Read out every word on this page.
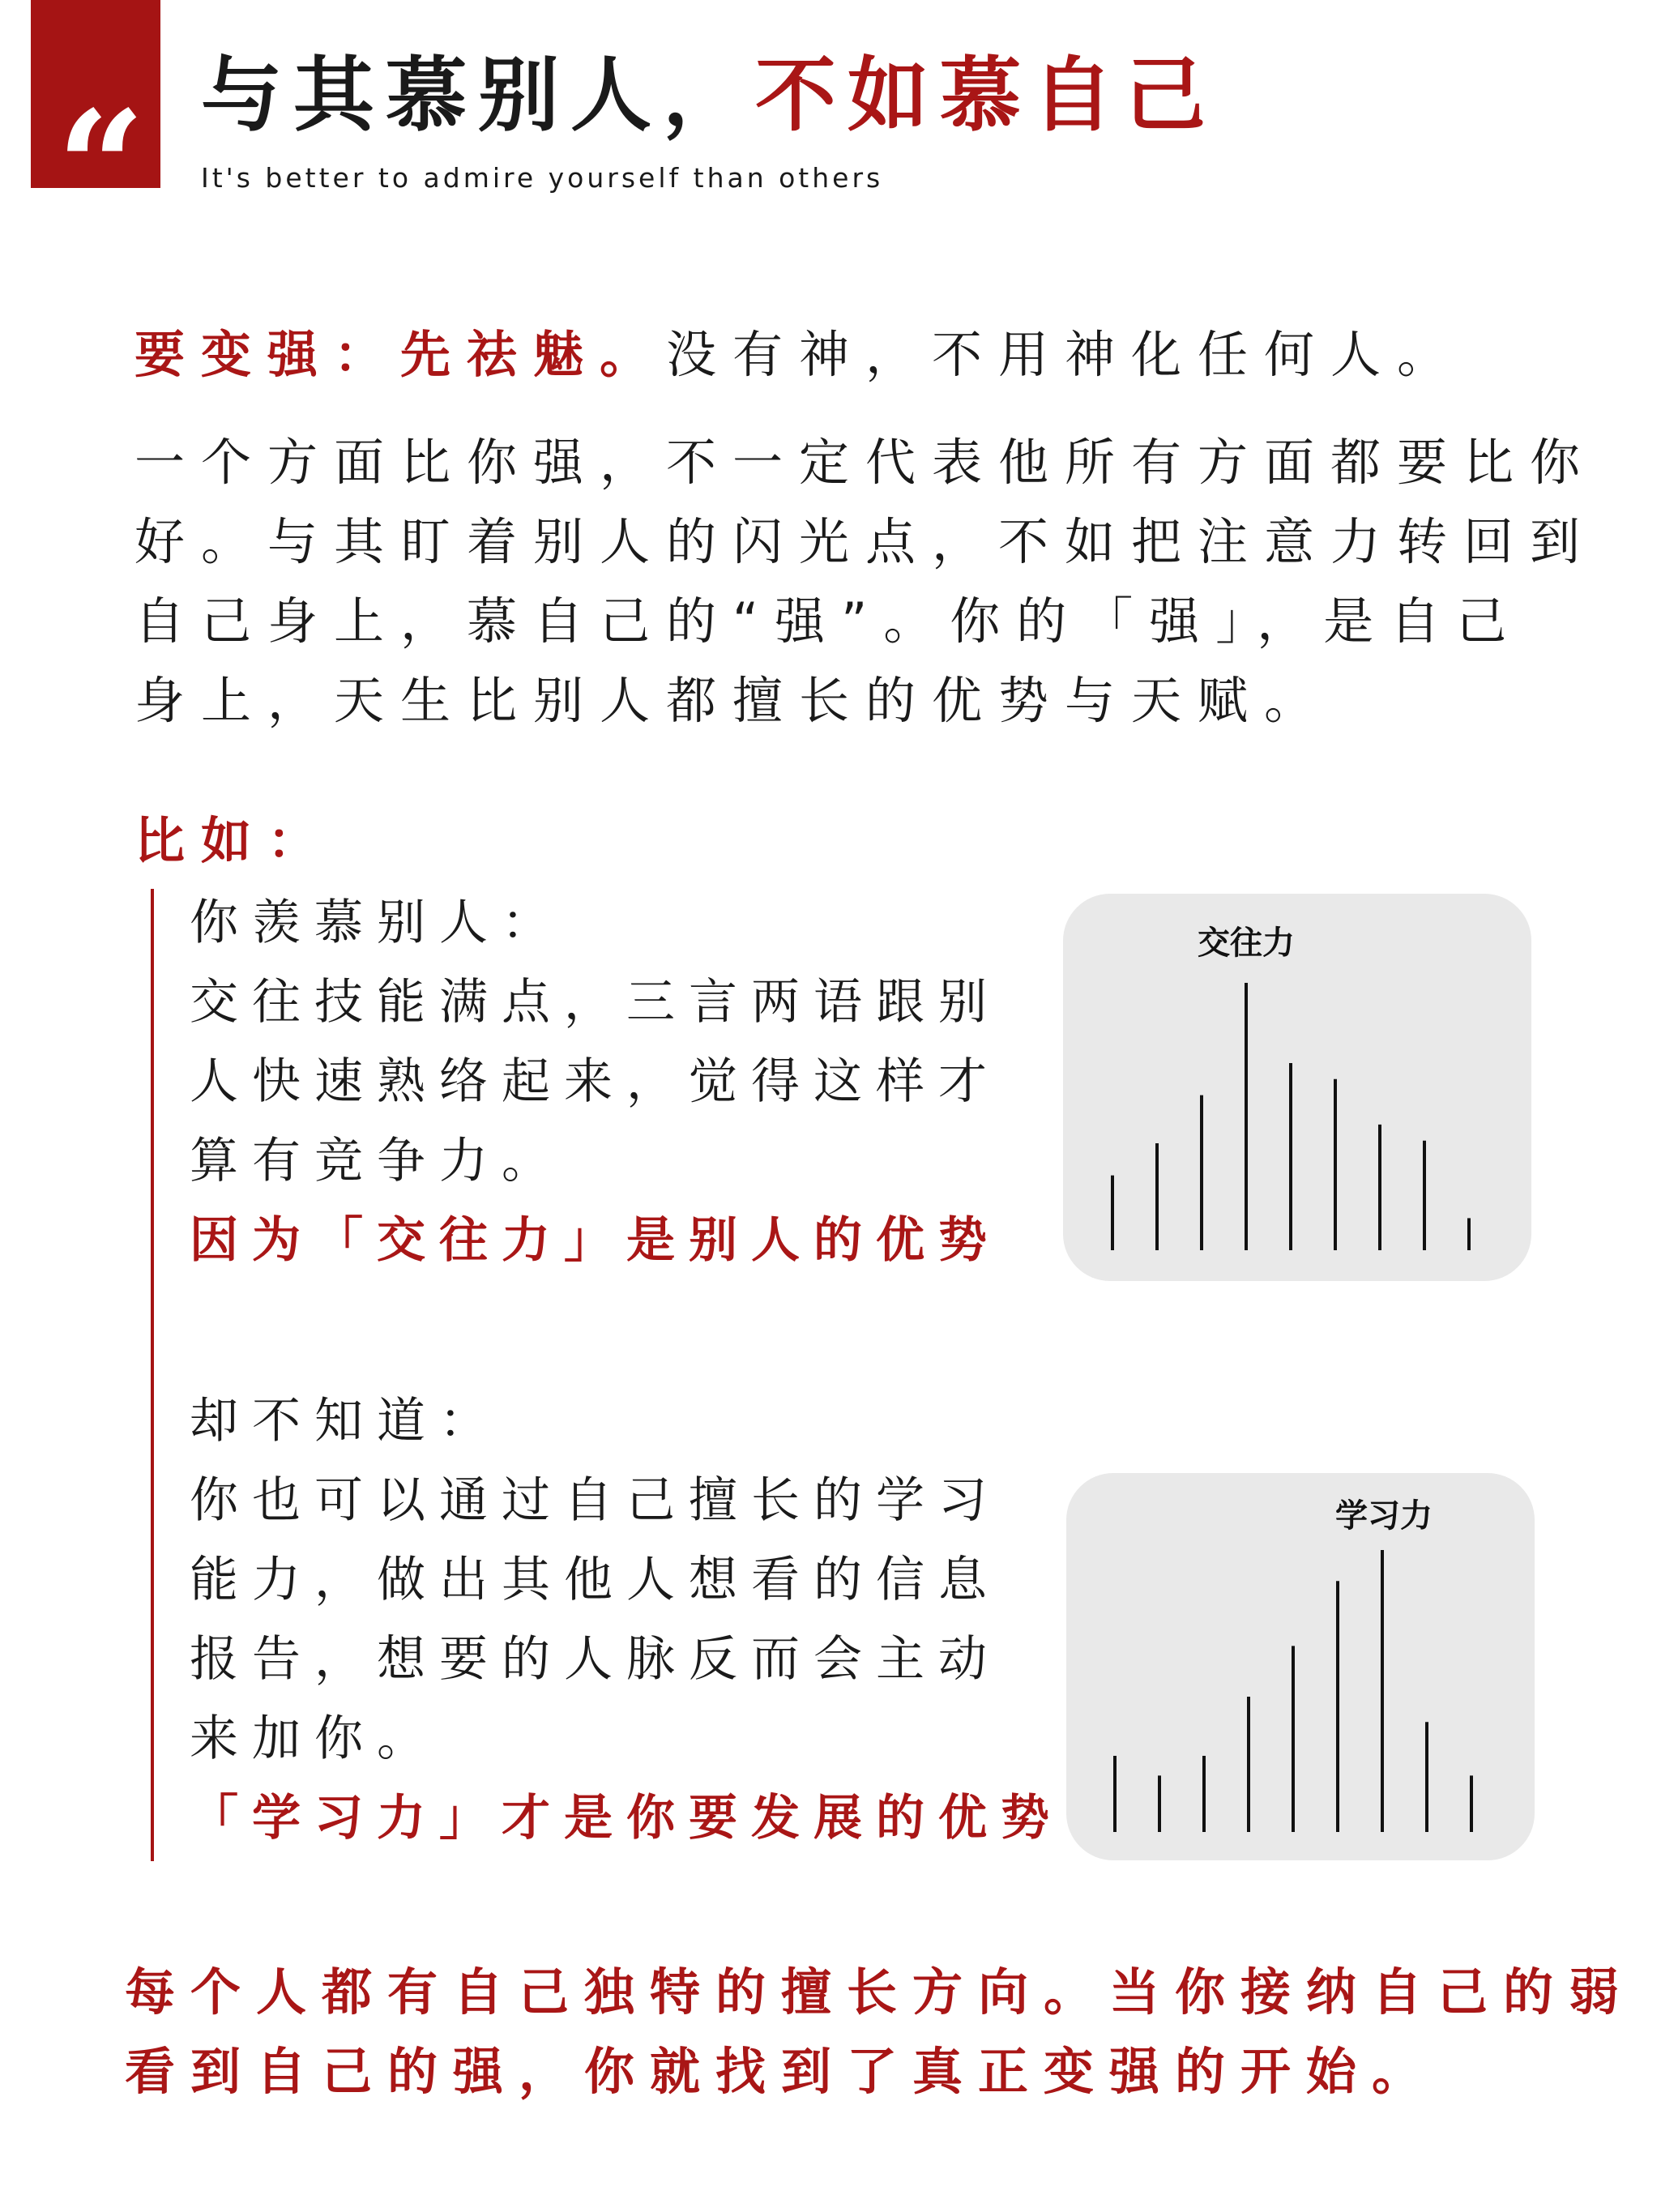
“ 与其慕别人，不如慕自己
It's better to admire yourself than others
要变强：先祛魅。没有神，不用神化任何人。
一个方面比你强，不一定代表他所有方面都要比你
好。与其盯着别人的闪光点，不如把注意力转回到
自己身上，慕自己的“强”。你的「强」，是自己
身上，天生比别人都擅长的优势与天赋。
比如：
你羡慕别人：
交往技能满点，三言两语跟别
人快速熟络起来，觉得这样才
算有竞争力。
因为「交往力」是别人的优势
却不知道：
你也可以通过自己擅长的学习
能力，做出其他人想看的信息
报告，想要的人脉反而会主动
来加你。
「学习力」才是你要发展的优势
交往力
学习力
每个人都有自己独特的擅长方向。当你接纳自己的弱
看到自己的强，你就找到了真正变强的开始。
